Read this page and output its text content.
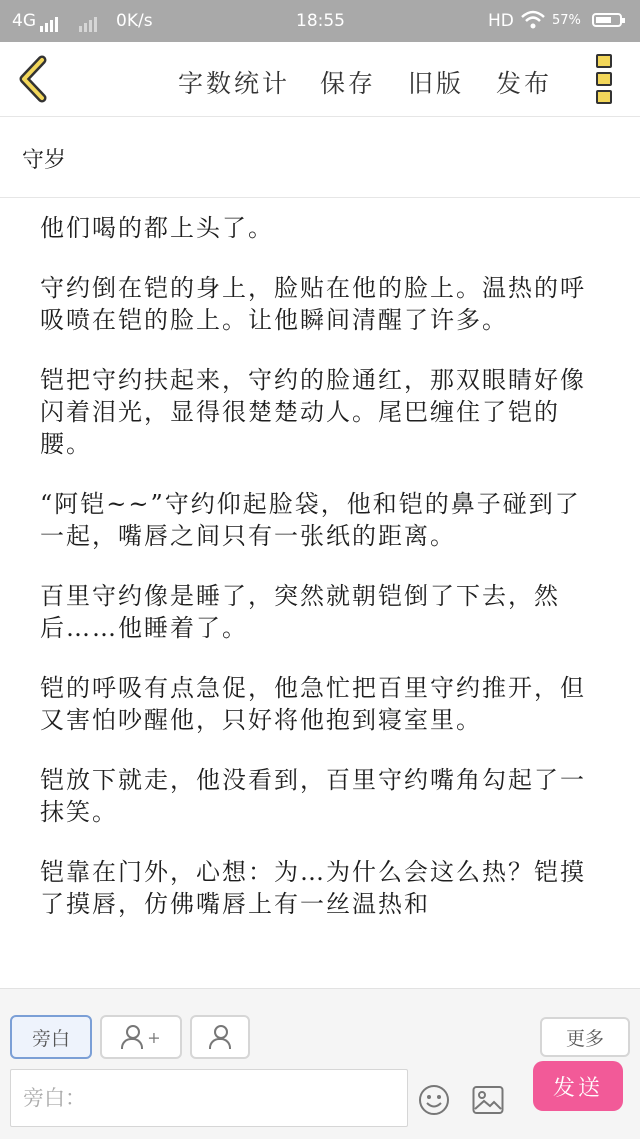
4G	0K/s	18:55	HD	57%
字数统计 保存 旧版 发布
守岁

他们喝的都上头了。

守约倒在铠的身上，脸贴在他的脸上。温热的呼吸喷在铠的脸上。让他瞬间清醒了许多。

铠把守约扶起来，守约的脸通红，那双眼睛好像闪着泪光，显得很楚楚动人。尾巴缠住了铠的腰。

“阿铠~~”守约仰起脸袋，他和铠的鼻子碰到了一起，嘴唇之间只有一张纸的距离。

百里守约像是睡了，突然就朝铠倒了下去，然后……他睡着了。

铠的呼吸有点急促，他急忙把百里守约推开，但又害怕吵醒他，只好将他抱到寝室里。

铠放下就走，他没看到，百里守约嘴角勾起了一抹笑。

铠靠在门外，心想：为…为什么会这么热？铠摸了摸唇，仿佛嘴唇上有一丝温热和

旁白	+	更多
旁白：
发送
